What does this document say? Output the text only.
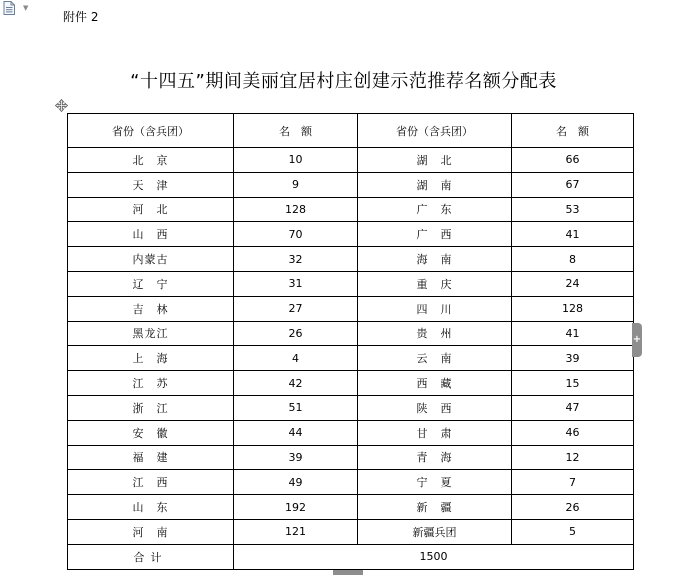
▼
附件 2
“十四五”期间美丽宜居村庄创建示范推荐名额分配表
省份（含兵团）	名　额	省份（含兵团）	名　额
北　京	10	湖　北	66
天　津	9	湖　南	67
河　北	128	广　东	53
山　西	70	广　西	41
内蒙古	32	海　南	8
辽　宁	31	重　庆	24
吉　林	27	四　川	128
黑龙江	26	贵　州	41
上　海	4	云　南	39
江　苏	42	西　藏	15
浙　江	51	陕　西	47
安　徽	44	甘　肃	46
福　建	39	青　海	12
江　西	49	宁　夏	7
山　东	192	新　疆	26
河　南	121	新疆兵团	5
合计	1500		
+
